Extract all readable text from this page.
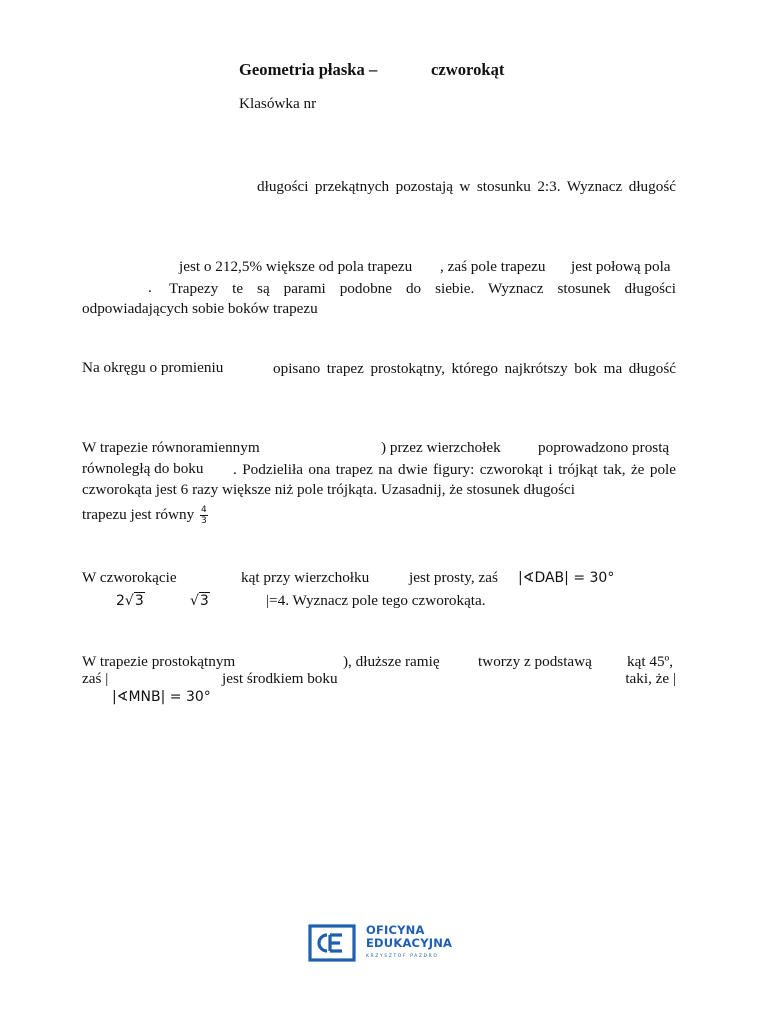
Geometria płaska –	czworokąt
Klasówka nr
długości przekątnych pozostają w stosunku 2:3. Wyznacz długość
jest o 212,5% większe od pola trapezu , zaś pole trapezu jest połową pola
. Trapezy te są parami podobne do siebie. Wyznacz stosunek długości
odpowiadających sobie boków trapezu
Na okręgu o promieniu	opisano trapez prostokątny, którego najkrótszy bok ma długość
W trapezie równoramiennym	) przez wierzchołek poprowadzono prostą
równoległą do boku . Podzieliła ona trapez na dwie figury: czworokąt i trójkąt tak, że pole
czworokąta jest 6 razy większe niż pole trójkąta. Uzasadnij, że stosunek długości
trapezu jest równy $\frac{4}{3}$
W czworokącie	kąt przy wierzchołku	jest prosty, zaś |∢DAB| = 30°
2√3	√3	|=4. Wyznacz pole tego czworokąta.
W trapezie prostokątnym	), dłuższe ramię	tworzy z podstawą kąt 45º,
zaś |	jest środkiem boku	taki, że |
|∢MNB| = 30°
OFICYNA
EDUKACYJNA
KRZYSZTOF PAZDRO
